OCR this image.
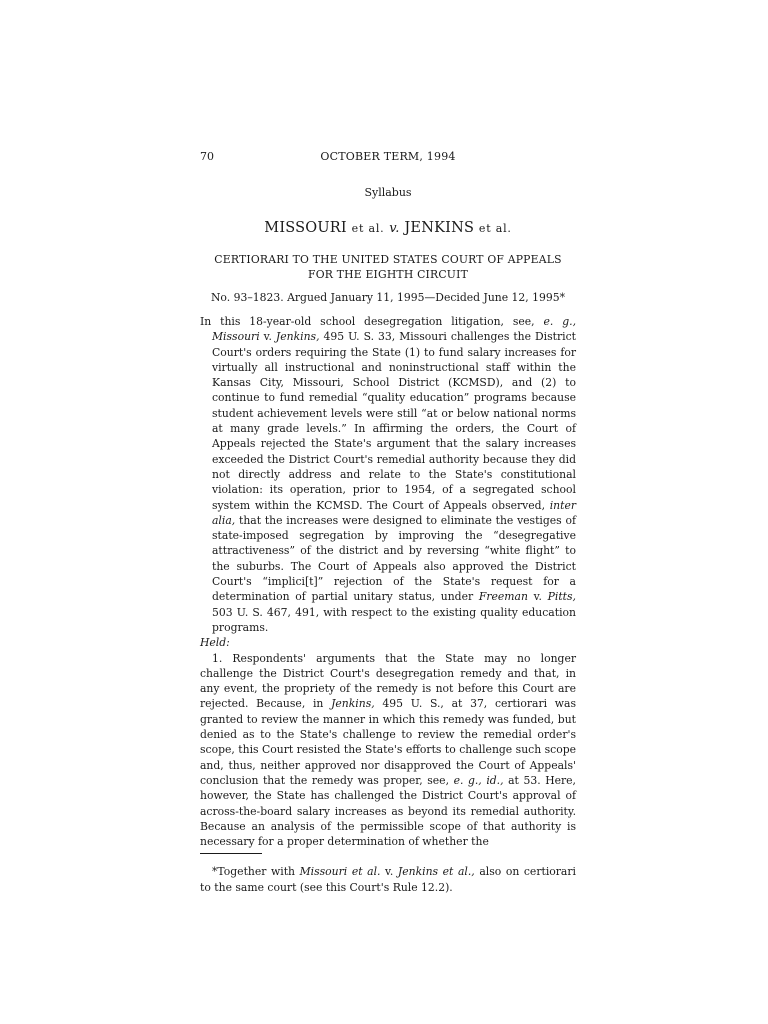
70	OCTOBER TERM, 1994
Syllabus
MISSOURI et al. v. JENKINS et al.
CERTIORARI TO THE UNITED STATES COURT OF APPEALS FOR THE EIGHTH CIRCUIT
No. 93–1823. Argued January 11, 1995—Decided June 12, 1995*

In this 18-year-old school desegregation litigation, see, e. g., Missouri v. Jenkins, 495 U. S. 33, Missouri challenges the District Court's orders requiring the State (1) to fund salary increases for virtually all instructional and noninstructional staff within the Kansas City, Missouri, School District (KCMSD), and (2) to continue to fund remedial “quality education” programs because student achievement levels were still “at or below national norms at many grade levels.” In affirming the orders, the Court of Appeals rejected the State's argument that the salary increases exceeded the District Court's remedial authority because they did not directly address and relate to the State's constitutional violation: its operation, prior to 1954, of a segregated school system within the KCMSD. The Court of Appeals observed, inter alia, that the increases were designed to eliminate the vestiges of state-imposed segregation by improving the “desegregative attractiveness” of the district and by reversing “white flight” to the suburbs. The Court of Appeals also approved the District Court's “implici[t]” rejection of the State's request for a determination of partial unitary status, under Freeman v. Pitts, 503 U. S. 467, 491, with respect to the existing quality education programs.

Held:

1. Respondents' arguments that the State may no longer challenge the District Court's desegregation remedy and that, in any event, the propriety of the remedy is not before this Court are rejected. Because, in Jenkins, 495 U. S., at 37, certiorari was granted to review the manner in which this remedy was funded, but denied as to the State's challenge to review the remedial order's scope, this Court resisted the State's efforts to challenge such scope and, thus, neither approved nor disapproved the Court of Appeals' conclusion that the remedy was proper, see, e. g., id., at 53. Here, however, the State has challenged the District Court's approval of across-the-board salary increases as beyond its remedial authority. Because an analysis of the permissible scope of that authority is necessary for a proper determination of whether the

*Together with Missouri et al. v. Jenkins et al., also on certiorari to the same court (see this Court's Rule 12.2).
